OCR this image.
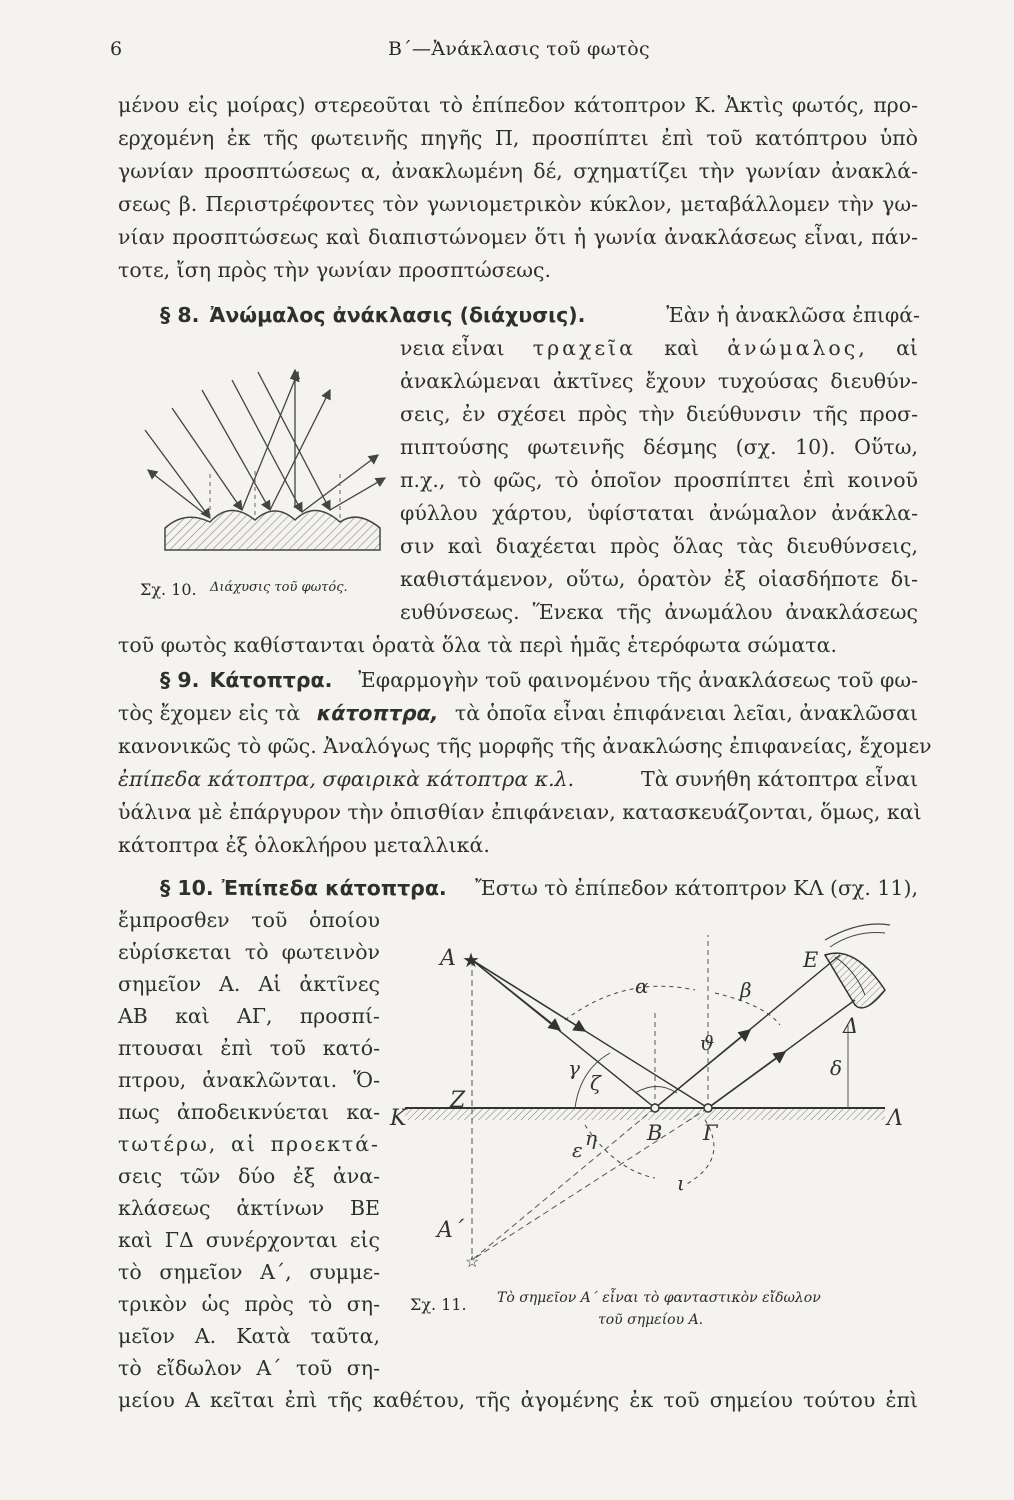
6	Β΄—Ἀνάκλασις τοῦ φωτὸς
μένου εἰς μοίρας) στερεοῦται τὸ ἐπίπεδον κάτοπτρον Κ. Ἀκτὶς φωτός, προ-
ερχομένη ἐκ τῆς φωτεινῆς πηγῆς Π, προσπίπτει ἐπὶ τοῦ κατόπτρου ὑπὸ
γωνίαν προσπτώσεως α, ἀνακλωμένη δέ, σχηματίζει τὴν γωνίαν ἀνακλά-
σεως β. Περιστρέφοντες τὸν γωνιομετρικὸν κύκλον, μεταβάλλομεν τὴν γω-
νίαν προσπτώσεως καὶ διαπιστώνομεν ὅτι ἡ γωνία ἀνακλάσεως εἶναι, πάν-
τοτε, ἴση πρὸς τὴν γωνίαν προσπτώσεως.
§ 8. Ἀνώμαλος ἀνάκλασις (διάχυσις).	Ἐὰν ἡ ἀνακλῶσα ἐπιφά-
νεια εἶναι τραχεῖα καὶ ἀνώμαλος, αἱ
ἀνακλώμεναι ἀκτῖνες ἔχουν τυχούσας διευθύν-
σεις, ἐν σχέσει πρὸς τὴν διεύθυνσιν τῆς προσ-
πιπτούσης φωτεινῆς δέσμης (σχ. 10). Οὕτω,
π.χ., τὸ φῶς, τὸ ὁποῖον προσπίπτει ἐπὶ κοινοῦ
φύλλου χάρτου, ὑφίσταται ἀνώμαλον ἀνάκλα-
σιν καὶ διαχέεται πρὸς ὅλας τὰς διευθύνσεις,
καθιστάμενον, οὕτω, ὁρατὸν ἐξ οἱασδήποτε δι-
ευθύνσεως. Ἕνεκα τῆς ἀνωμάλου ἀνακλάσεως
τοῦ φωτὸς καθίστανται ὁρατὰ ὅλα τὰ περὶ ἡμᾶς ἑτερόφωτα σώματα.
Σχ. 10. Διάχυσις τοῦ φωτός.
§ 9. Κάτοπτρα.	Ἐφαρμογὴν τοῦ φαινομένου τῆς ἀνακλάσεως τοῦ φω-
τὸς ἔχομεν εἰς τὰ κάτοπτρα, τὰ ὁποῖα εἶναι ἐπιφάνειαι λεῖαι, ἀνακλῶσαι
κανονικῶς τὸ φῶς. Ἀναλόγως τῆς μορφῆς τῆς ἀνακλώσης ἐπιφανείας, ἔχομεν
ἐπίπεδα κάτοπτρα, σφαιρικὰ κάτοπτρα κ.λ.	Τὰ συνήθη κάτοπτρα εἶναι
ὑάλινα μὲ ἐπάργυρον τὴν ὀπισθίαν ἐπιφάνειαν, κατασκευάζονται, ὅμως, καὶ
κάτοπτρα ἐξ ὁλοκλήρου μεταλλικά.
§ 10. Ἐπίπεδα κάτοπτρα.	Ἔστω τὸ ἐπίπεδον κάτοπτρον ΚΛ (σχ. 11),
ἔμπροσθεν τοῦ ὁποίου
εὑρίσκεται τὸ φωτεινὸν
σημεῖον Α. Αἱ ἀκτῖνες
ΑΒ καὶ ΑΓ, προσπί-
πτουσαι ἐπὶ τοῦ κατό-
πτρου, ἀνακλῶνται. Ὅ-
πως ἀποδεικνύεται κα-
τωτέρω, αἱ προεκτά-
σεις τῶν δύο ἐξ ἀνα-
κλάσεως ἀκτίνων ΒΕ
καὶ ΓΔ συνέρχονται εἰς
τὸ σημεῖον Α΄, συμμε-
τρικὸν ὡς πρὸς τὸ ση-
μεῖον Α. Κατὰ ταῦτα,
τὸ εἴδωλον Α΄ τοῦ ση-
μείου Α κεῖται ἐπὶ τῆς καθέτου, τῆς ἀγομένης ἐκ τοῦ σημείου τούτου ἐπὶ
★
☆
A
A΄
Z
K	Λ
B Γ
E
Δ
α	β
γ	δ
ε
ζ
η
ϑ
ι
Σχ. 11. Τὸ σημεῖον Α΄ εἶναι τὸ φανταστικὸν εἴδωλον
τοῦ σημείου Α.
